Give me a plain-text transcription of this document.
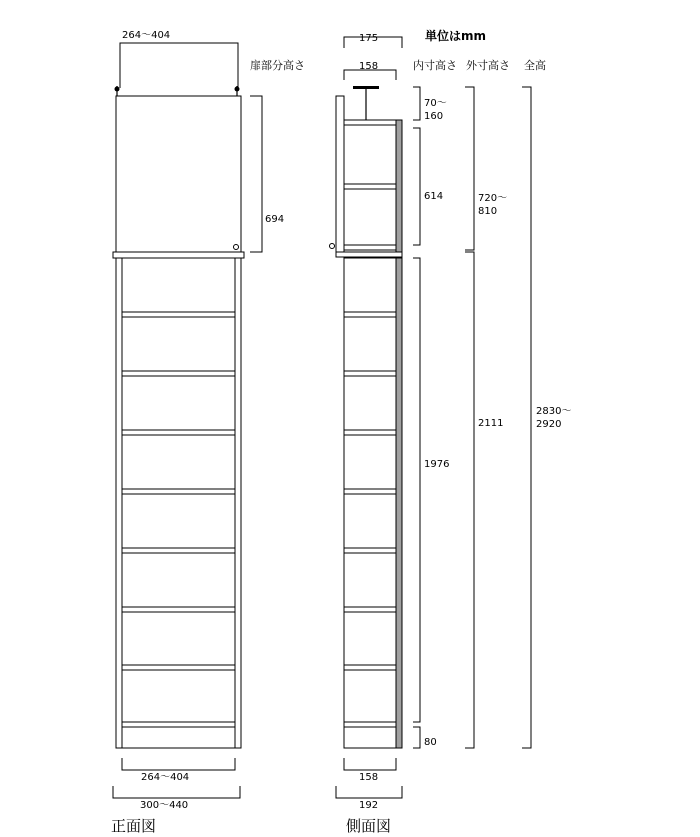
単位はmm
扉部分高さ	内寸高さ 外寸高さ 全高
264〜404
694
264〜404
300〜440
正面図
175
158
158
192
側面図
70〜
160
614
1976
80
720〜
810
2111
2830〜
2920
